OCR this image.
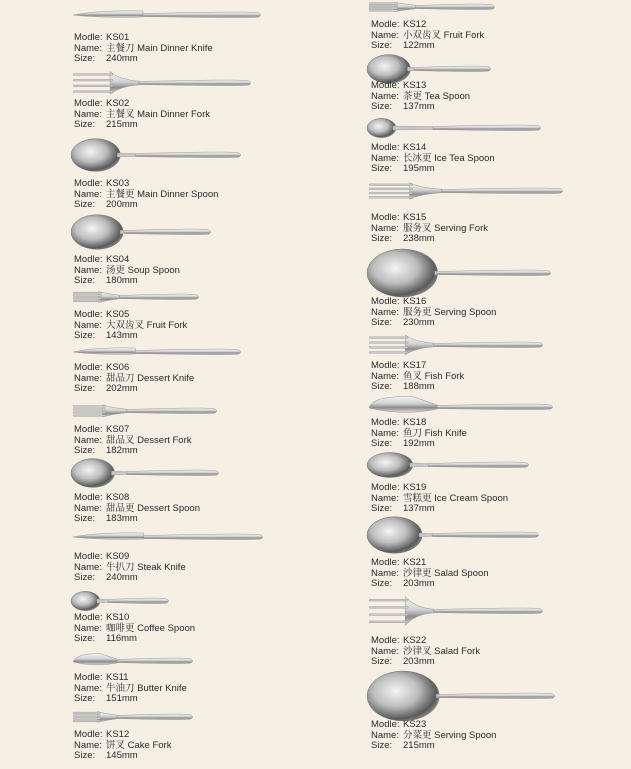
Modle: KS01
Name: 主餐刀 Main Dinner Knife
Size: 240mm
Modle: KS02
Name: 主餐叉 Main Dinner Fork
Size: 215mm
Modle: KS03
Name: 主餐更 Main Dinner Spoon
Size: 200mm
Modle: KS04
Name: 汤更 Soup Spoon
Size: 180mm
Modle: KS05
Name: 大双齿叉 Fruit Fork
Size: 143mm
Modle: KS06
Name: 甜品刀 Dessert Knife
Size: 202mm
Modle: KS07
Name: 甜品叉 Dessert Fork
Size: 182mm
Modle: KS08
Name: 甜品更 Dessert Spoon
Size: 183mm
Modle: KS09
Name: 牛扒刀 Steak Knife
Size: 240mm
Modle: KS10
Name: 咖啡更 Coffee Spoon
Size: 116mm
Modle: KS11
Name: 牛油刀 Butter Knife
Size: 151mm
Modle: KS12
Name: 饼叉 Cake Fork
Size: 145mm
Modle: KS12
Name: 小双齿叉 Fruit Fork
Size: 122mm
Modle: KS13
Name: 茶更 Tea Spoon
Size: 137mm
Modle: KS14
Name: 长冰更 Ice Tea Spoon
Size: 195mm
Modle: KS15
Name: 服务叉 Serving Fork
Size: 238mm
Modle: KS16
Name: 服务更 Serving Spoon
Size: 230mm
Modle: KS17
Name: 鱼叉 Fish Fork
Size: 188mm
Modle: KS18
Name: 鱼刀 Fish Knife
Size: 192mm
Modle: KS19
Name: 雪糕更 Ice Cream Spoon
Size: 137mm
Modle: KS21
Name: 沙律更 Salad Spoon
Size: 203mm
Modle: KS22
Name: 沙律叉 Salad Fork
Size: 203mm
Modle: KS23
Name: 分菜更 Serving Spoon
Size: 215mm
